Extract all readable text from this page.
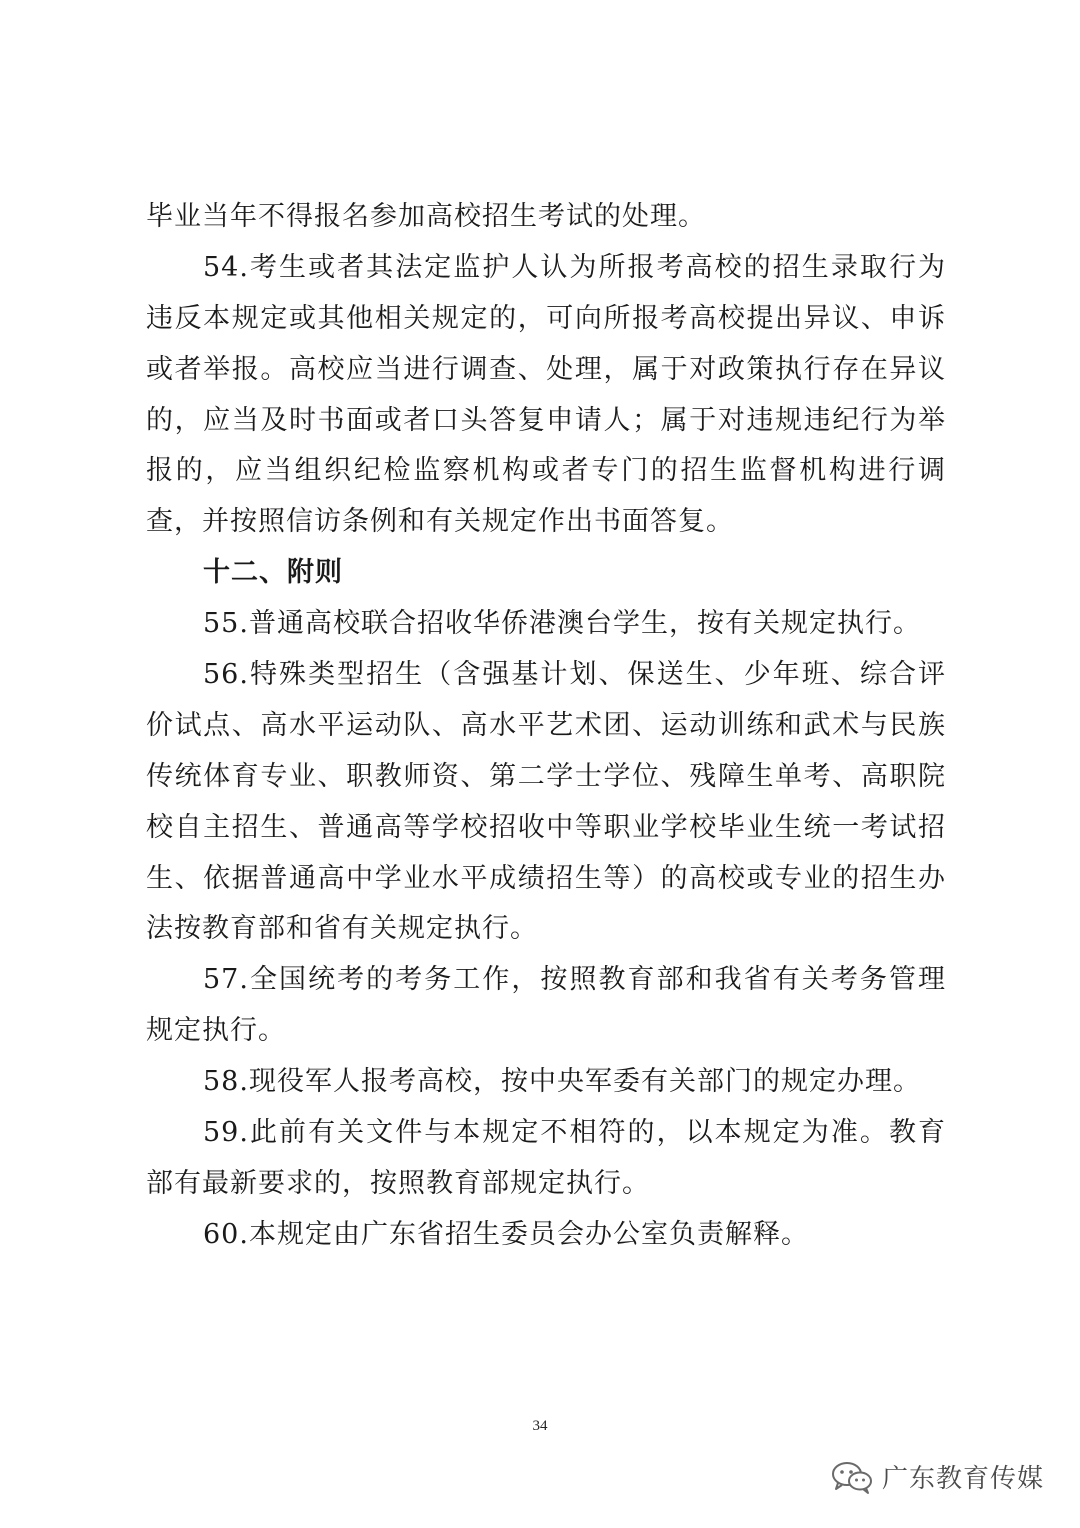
毕业当年不得报名参加高校招生考试的处理。
54.考生或者其法定监护人认为所报考高校的招生录取行为
违反本规定或其他相关规定的，可向所报考高校提出异议、申诉
或者举报。高校应当进行调查、处理，属于对政策执行存在异议
的，应当及时书面或者口头答复申请人；属于对违规违纪行为举
报的，应当组织纪检监察机构或者专门的招生监督机构进行调
查，并按照信访条例和有关规定作出书面答复。
十二、附则
55.普通高校联合招收华侨港澳台学生，按有关规定执行。
56.特殊类型招生（含强基计划、保送生、少年班、综合评
价试点、高水平运动队、高水平艺术团、运动训练和武术与民族
传统体育专业、职教师资、第二学士学位、残障生单考、高职院
校自主招生、普通高等学校招收中等职业学校毕业生统一考试招
生、依据普通高中学业水平成绩招生等）的高校或专业的招生办
法按教育部和省有关规定执行。
57.全国统考的考务工作，按照教育部和我省有关考务管理
规定执行。
58.现役军人报考高校，按中央军委有关部门的规定办理。
59.此前有关文件与本规定不相符的，以本规定为准。教育
部有最新要求的，按照教育部规定执行。
60.本规定由广东省招生委员会办公室负责解释。
34
广东教育传媒
